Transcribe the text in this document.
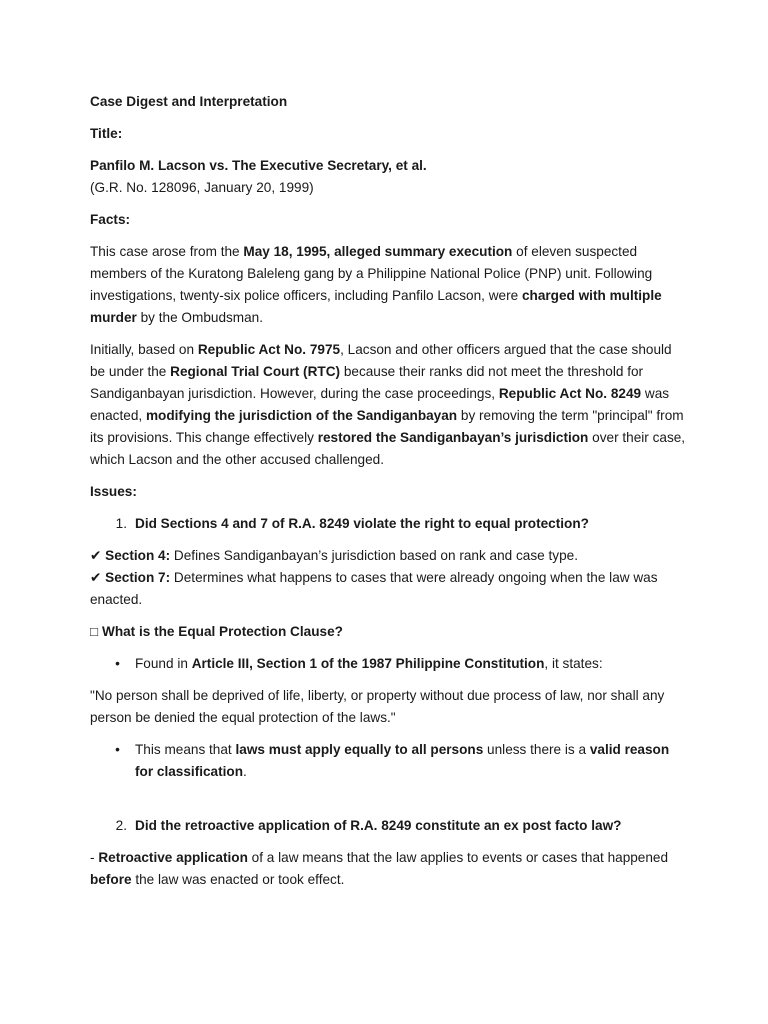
Case Digest and Interpretation

Title:

Panfilo M. Lacson vs. The Executive Secretary, et al.

(G.R. No. 128096, January 20, 1999)

Facts:

This case arose from the May 18, 1995, alleged summary execution of eleven suspected members of the Kuratong Baleleng gang by a Philippine National Police (PNP) unit. Following investigations, twenty-six police officers, including Panfilo Lacson, were charged with multiple murder by the Ombudsman.

Initially, based on Republic Act No. 7975, Lacson and other officers argued that the case should be under the Regional Trial Court (RTC) because their ranks did not meet the threshold for Sandiganbayan jurisdiction. However, during the case proceedings, Republic Act No. 8249 was enacted, modifying the jurisdiction of the Sandiganbayan by removing the term "principal" from its provisions. This change effectively restored the Sandiganbayan’s jurisdiction over their case, which Lacson and the other accused challenged.

Issues:

1. Did Sections 4 and 7 of R.A. 8249 violate the right to equal protection?

✔ Section 4: Defines Sandiganbayan’s jurisdiction based on rank and case type.

✔ Section 7: Determines what happens to cases that were already ongoing when the law was enacted.

□ What is the Equal Protection Clause?

•	Found in Article III, Section 1 of the 1987 Philippine Constitution, it states:

"No person shall be deprived of life, liberty, or property without due process of law, nor shall any person be denied the equal protection of the laws."

•	This means that laws must apply equally to all persons unless there is a valid reason for classification.
2. Did the retroactive application of R.A. 8249 constitute an ex post facto law?

- Retroactive application of a law means that the law applies to events or cases that happened before the law was enacted or took effect.
